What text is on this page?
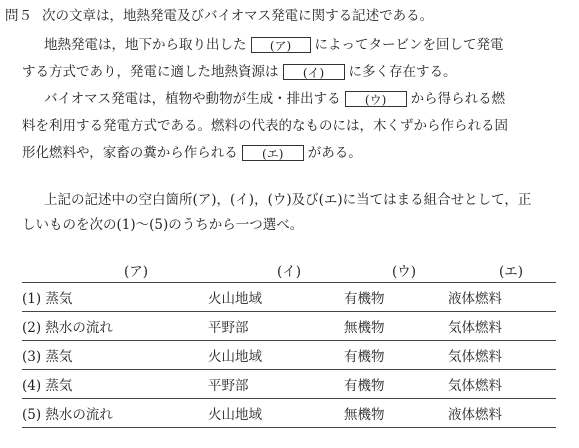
問５ 次の文章は，地熱発電及びバイオマス発電に関する記述である。
地熱発電は，地下から取り出した (ア) によってタービンを回して発電
する方式であり，発電に適した地熱資源は (イ) に多く存在する。
バイオマス発電は，植物や動物が生成・排出する (ウ) から得られる燃
料を利用する発電方式である。燃料の代表的なものには，木くずから作られる固
形化燃料や，家畜の糞から作られる (エ) がある。
上記の記述中の空白箇所(ア)，(イ)，(ウ)及び(エ)に当てはまる組合せとして，正
しいものを次の(1)～(5)のうちから一つ選べ。
(ア)	(イ)	(ウ)	(エ)
(1) 蒸気	火山地域	有機物	液体燃料
(2) 熱水の流れ	平野部	無機物	気体燃料
(3) 蒸気	火山地域	有機物	気体燃料
(4) 蒸気	平野部	有機物	気体燃料
(5) 熱水の流れ	火山地域	無機物	液体燃料
